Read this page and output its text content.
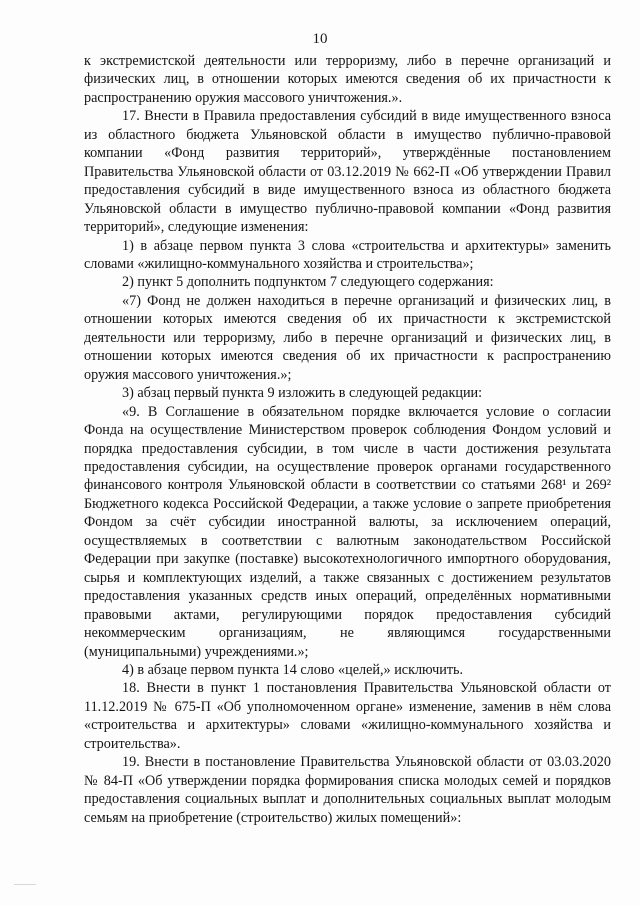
10

к экстремистской деятельности или терроризму, либо в перечне организаций и физических лиц, в отношении которых имеются сведения об их причастности к распространению оружия массового уничтожения.».

17. Внести в Правила предоставления субсидий в виде имущественного взноса из областного бюджета Ульяновской области в имущество публично-правовой компании «Фонд развития территорий», утверждённые постановлением Правительства Ульяновской области от 03.12.2019 № 662-П «Об утверждении Правил предоставления субсидий в виде имущественного взноса из областного бюджета Ульяновской области в имущество публично-правовой компании «Фонд развития территорий», следующие изменения:

1) в абзаце первом пункта 3 слова «строительства и архитектуры» заменить словами «жилищно-коммунального хозяйства и строительства»;

2) пункт 5 дополнить подпунктом 7 следующего содержания:

«7) Фонд не должен находиться в перечне организаций и физических лиц, в отношении которых имеются сведения об их причастности к экстремистской деятельности или терроризму, либо в перечне организаций и физических лиц, в отношении которых имеются сведения об их причастности к распространению оружия массового уничтожения.»;

3) абзац первый пункта 9 изложить в следующей редакции:

«9. В Соглашение в обязательном порядке включается условие о согласии Фонда на осуществление Министерством проверок соблюдения Фондом условий и порядка предоставления субсидии, в том числе в части достижения результата предоставления субсидии, на осуществление проверок органами государственного финансового контроля Ульяновской области в соответствии со статьями 268¹ и 269² Бюджетного кодекса Российской Федерации, а также условие о запрете приобретения Фондом за счёт субсидии иностранной валюты, за исключением операций, осуществляемых в соответствии с валютным законодательством Российской Федерации при закупке (поставке) высокотехнологичного импортного оборудования, сырья и комплектующих изделий, а также связанных с достижением результатов предоставления указанных средств иных операций, определённых нормативными правовыми актами, регулирующими порядок предоставления субсидий некоммерческим организациям, не являющимся государственными (муниципальными) учреждениями.»;

4) в абзаце первом пункта 14 слово «целей,» исключить.

18. Внести в пункт 1 постановления Правительства Ульяновской области от 11.12.2019 № 675-П «Об уполномоченном органе» изменение, заменив в нём слова «строительства и архитектуры» словами «жилищно-коммунального хозяйства и строительства».

19. Внести в постановление Правительства Ульяновской области от 03.03.2020 № 84-П «Об утверждении порядка формирования списка молодых семей и порядков предоставления социальных выплат и дополнительных социальных выплат молодым семьям на приобретение (строительство) жилых помещений»:
